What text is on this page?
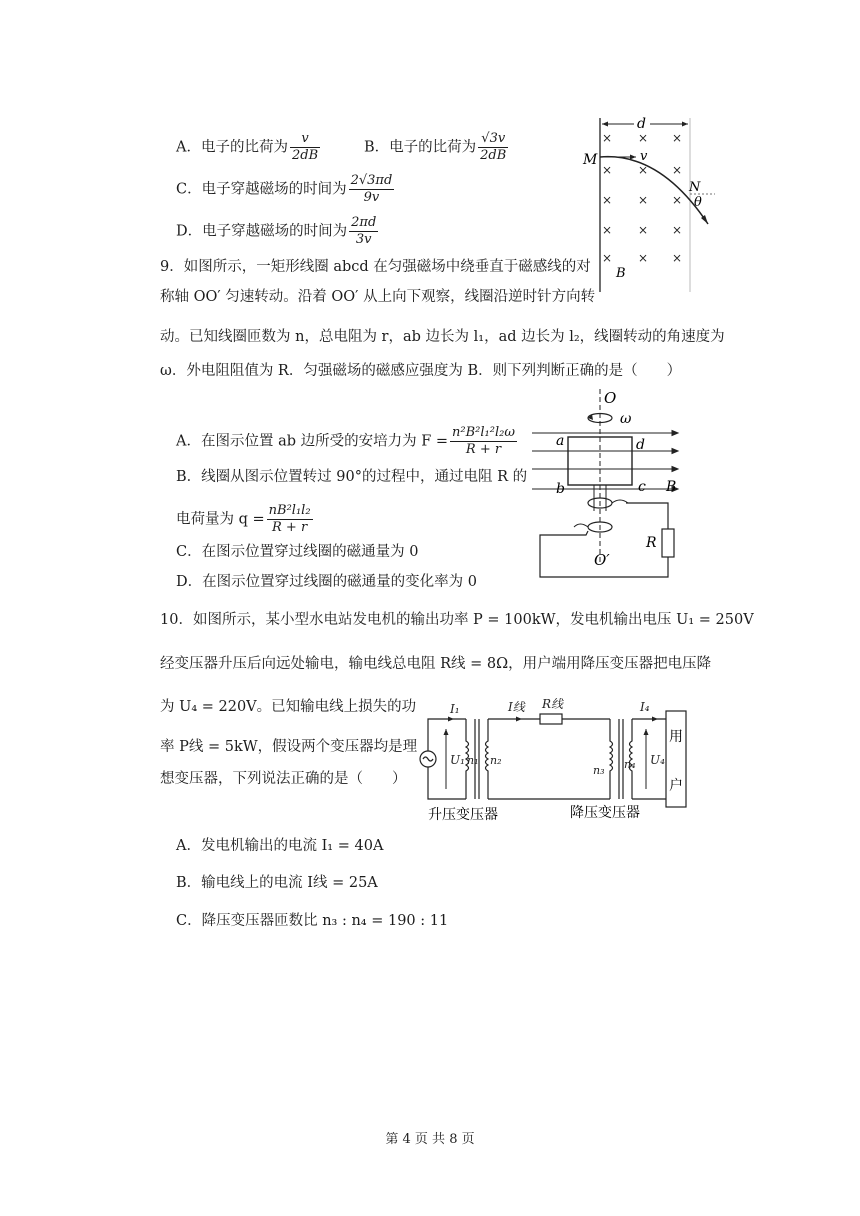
A．电子的比荷为 $\frac{v}{2dB}$	B．电子的比荷为 $\frac{√3v}{2dB}$
C．电子穿越磁场的时间为 $\frac{2√3\pi d}{9v}$
D．电子穿越磁场的时间为 $\frac{2\pi d}{3v}$
d
× × ×
× × ×
× × ×
× × ×
× × ×
M	v
N
θ
B
9．如图所示，一矩形线圈 abcd 在匀强磁场中绕垂直于磁感线的对
称轴 OO′ 匀速转动。沿着 OO′ 从上向下观察，线圈沿逆时针方向转
动。已知线圈匝数为 n，总电阻为 r，ab 边长为 l₁，ad 边长为 l₂，线圈转动的角速度为
ω．外电阻阻值为 R．匀强磁场的磁感应强度为 B．则下列判断正确的是（　　）
A．在图示位置 ab 边所受的安培力为 $F = \frac{\text{n²B²l₁²l₂ω}}{R + r}$
B．线圈从图示位置转过 90°的过程中，通过电阻 R 的
电荷量为 $q = \frac{\text{nB²l₁l₂}}{R + r}$
C．在图示位置穿过线圈的磁通量为 0
D．在图示位置穿过线圈的磁通量的变化率为 0
O
ω
a	d
b	c B
R
O′
10．如图所示，某小型水电站发电机的输出功率 P = 100kW，发电机输出电压 U₁ = 250V
经变压器升压后向远处输电，输电线总电阻 R线 = 8Ω，用户端用降压变压器把电压降
为 U₄ = 220V。已知输电线上损失的功
率 P线 = 5kW，假设两个变压器均是理
想变压器，下列说法正确的是（　　）
A．发电机输出的电流 I₁ = 40A
B．输电线上的电流 I线 = 25A
C．降压变压器匝数比 n₃ : n₄ = 190 : 11
I₁	I线 R线	I₄
U₁ n₁ n₂
n₃ n₄ U₄
用
户
升压变压器	降压变压器
第 4 页 共 8 页
